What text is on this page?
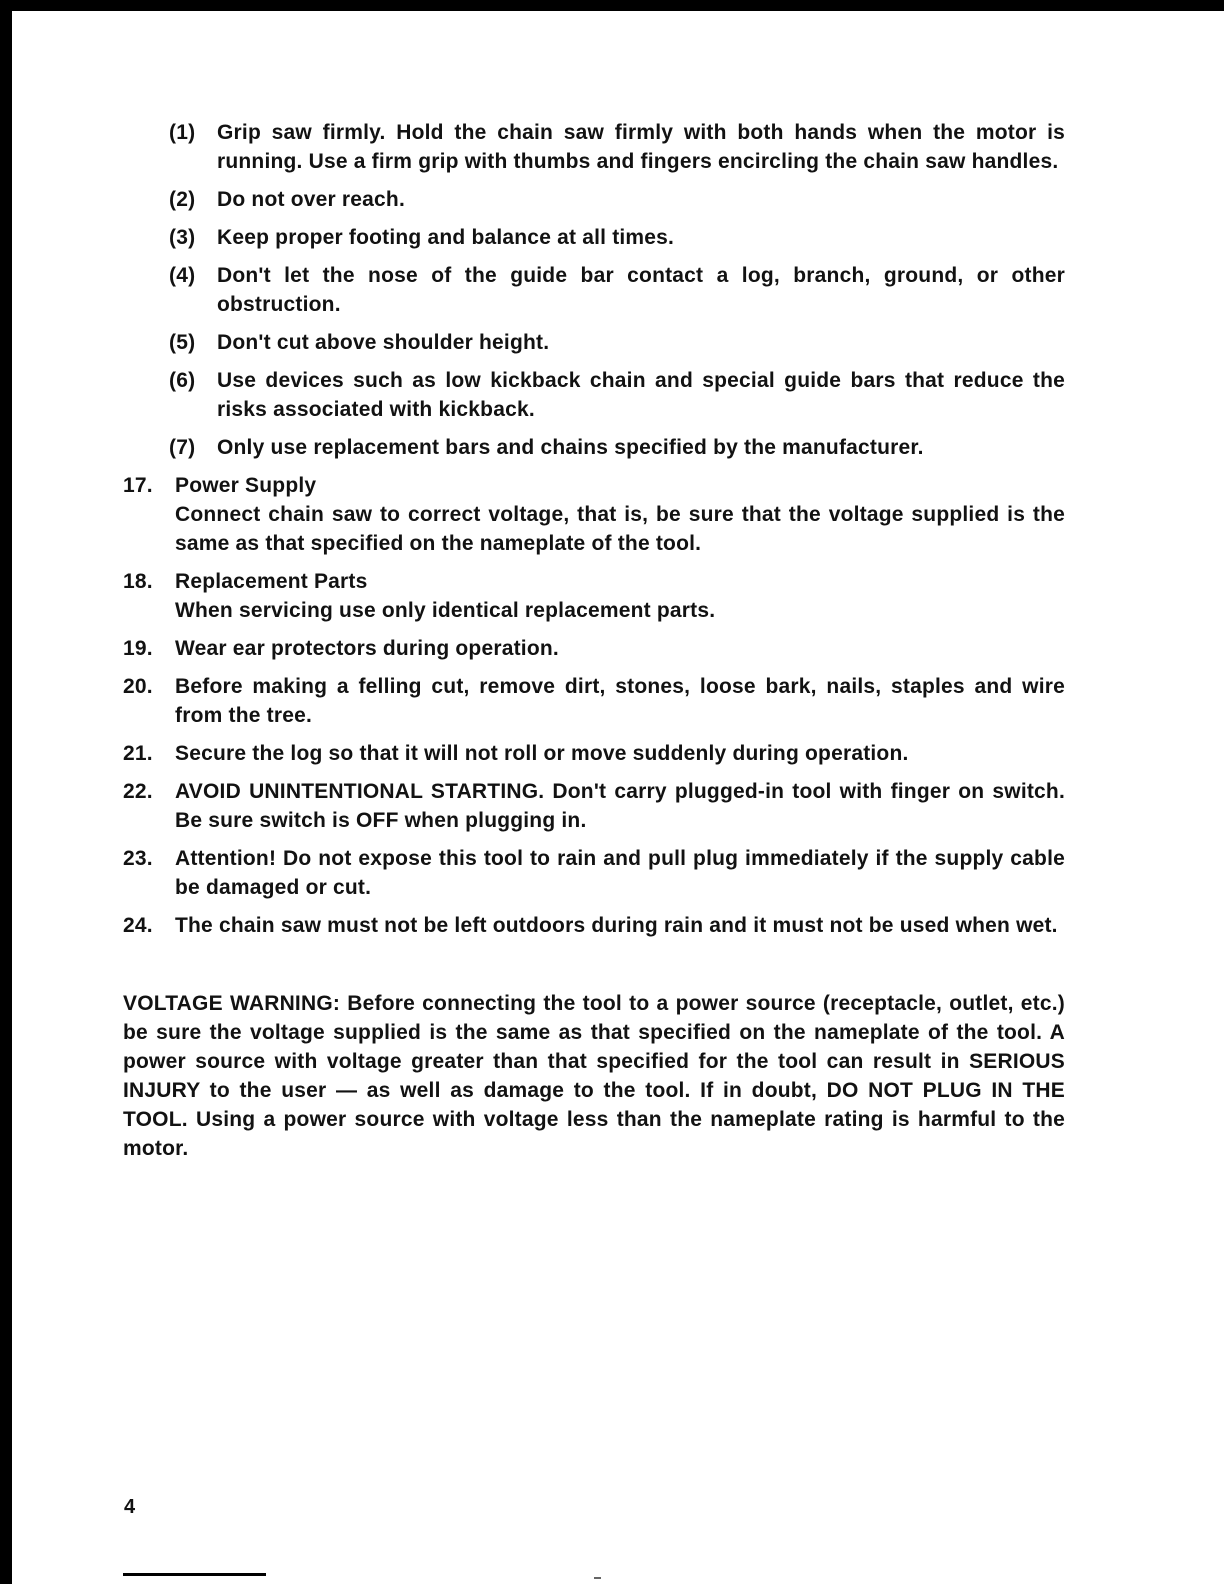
(1)	Grip saw firmly. Hold the chain saw firmly with both hands when the motor is running. Use a firm grip with thumbs and fingers encircling the chain saw handles.
(2)	Do not over reach.
(3)	Keep proper footing and balance at all times.
(4)	Don't let the nose of the guide bar contact a log, branch, ground, or other obstruction.
(5)	Don't cut above shoulder height.
(6)	Use devices such as low kickback chain and special guide bars that reduce the risks associated with kickback.
(7)	Only use replacement bars and chains specified by the manufacturer.
17.	Power Supply
Connect chain saw to correct voltage, that is, be sure that the voltage supplied is the same as that specified on the nameplate of the tool.
18.	Replacement Parts
When servicing use only identical replacement parts.
19.	Wear ear protectors during operation.
20.	Before making a felling cut, remove dirt, stones, loose bark, nails, staples and wire from the tree.
21.	Secure the log so that it will not roll or move suddenly during operation.
22.	AVOID UNINTENTIONAL STARTING. Don't carry plugged-in tool with finger on switch. Be sure switch is OFF when plugging in.
23.	Attention! Do not expose this tool to rain and pull plug immediately if the supply cable be damaged or cut.
24.	The chain saw must not be left outdoors during rain and it must not be used when wet.
VOLTAGE WARNING: Before connecting the tool to a power source (receptacle, outlet, etc.) be sure the voltage supplied is the same as that specified on the nameplate of the tool. A power source with voltage greater than that specified for the tool can result in SERIOUS INJURY to the user — as well as damage to the tool. If in doubt, DO NOT PLUG IN THE TOOL. Using a power source with voltage less than the nameplate rating is harmful to the motor.
4
